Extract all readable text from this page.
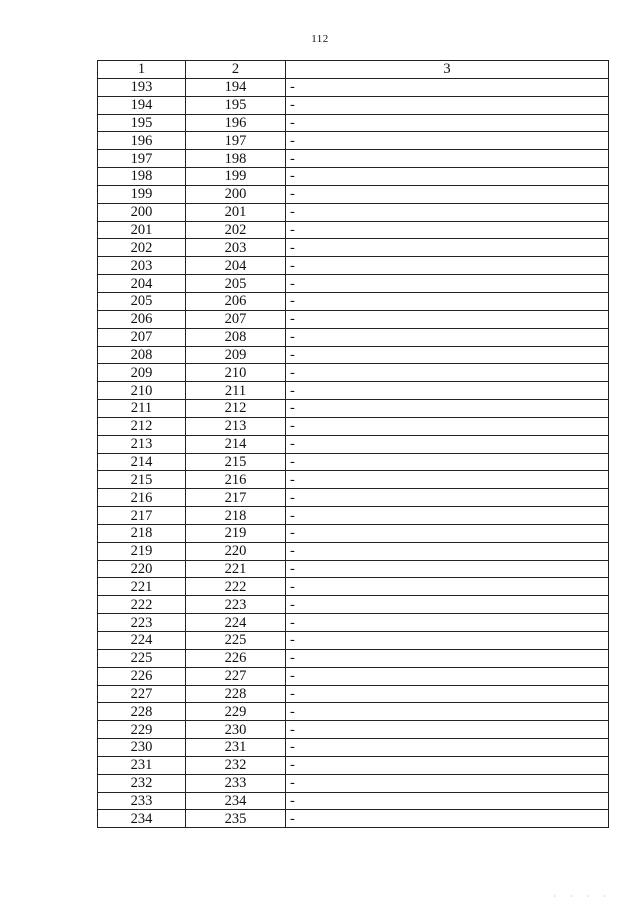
112
1	2	3
193	194	-
194	195	-
195	196	-
196	197	-
197	198	-
198	199	-
199	200	-
200	201	-
201	202	-
202	203	-
203	204	-
204	205	-
205	206	-
206	207	-
207	208	-
208	209	-
209	210	-
210	211	-
211	212	-
212	213	-
213	214	-
214	215	-
215	216	-
216	217	-
217	218	-
218	219	-
219	220	-
220	221	-
221	222	-
222	223	-
223	224	-
224	225	-
225	226	-
226	227	-
227	228	-
228	229	-
229	230	-
230	231	-
231	232	-
232	233	-
233	234	-
234	235	-
· · · ·
